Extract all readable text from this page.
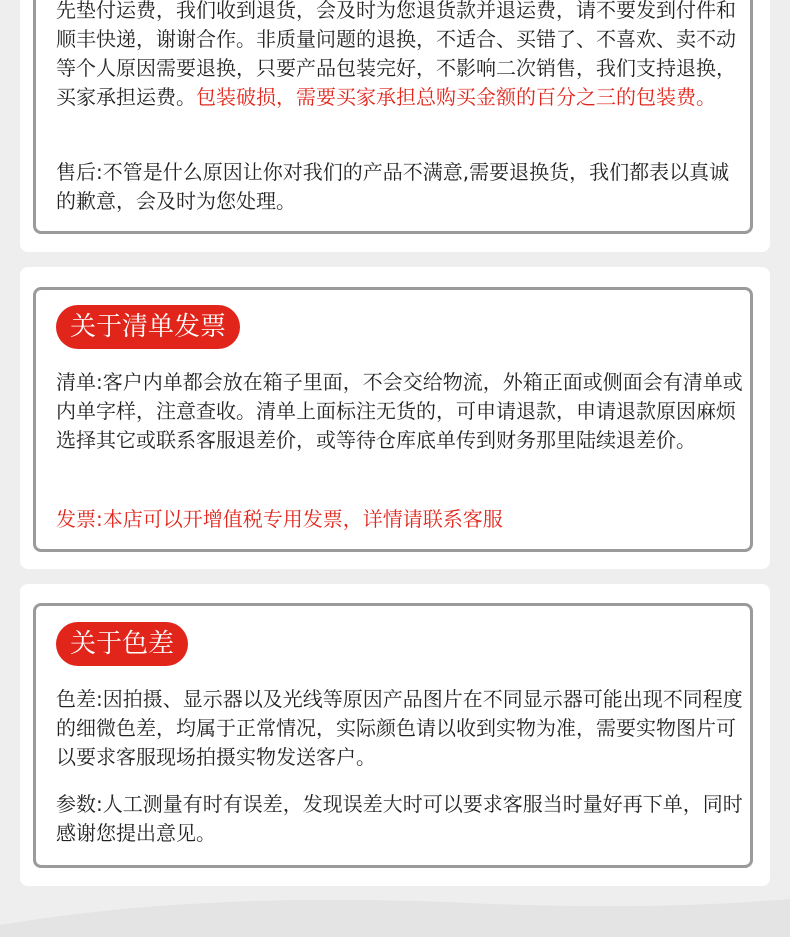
先垫付运费，我们收到退货，会及时为您退货款并退运费，请不要发到付件和顺丰快递，谢谢合作。非质量问题的退换，不适合、买错了、不喜欢、卖不动等个人原因需要退换，只要产品包装完好，不影响二次销售，我们支持退换，买家承担运费。包装破损，需要买家承担总购买金额的百分之三的包装费。

售后:不管是什么原因让你对我们的产品不满意,需要退换货，我们都表以真诚的歉意，会及时为您处理。

关于清单发票

清单:客户内单都会放在箱子里面，不会交给物流，外箱正面或侧面会有清单或内单字样，注意查收。清单上面标注无货的，可申请退款，申请退款原因麻烦选择其它或联系客服退差价，或等待仓库底单传到财务那里陆续退差价。

发票:本店可以开增值税专用发票，详情请联系客服

关于色差

色差:因拍摄、显示器以及光线等原因产品图片在不同显示器可能出现不同程度的细微色差，均属于正常情况，实际颜色请以收到实物为准，需要实物图片可以要求客服现场拍摄实物发送客户。

参数:人工测量有时有误差，发现误差大时可以要求客服当时量好再下单，同时感谢您提出意见。
